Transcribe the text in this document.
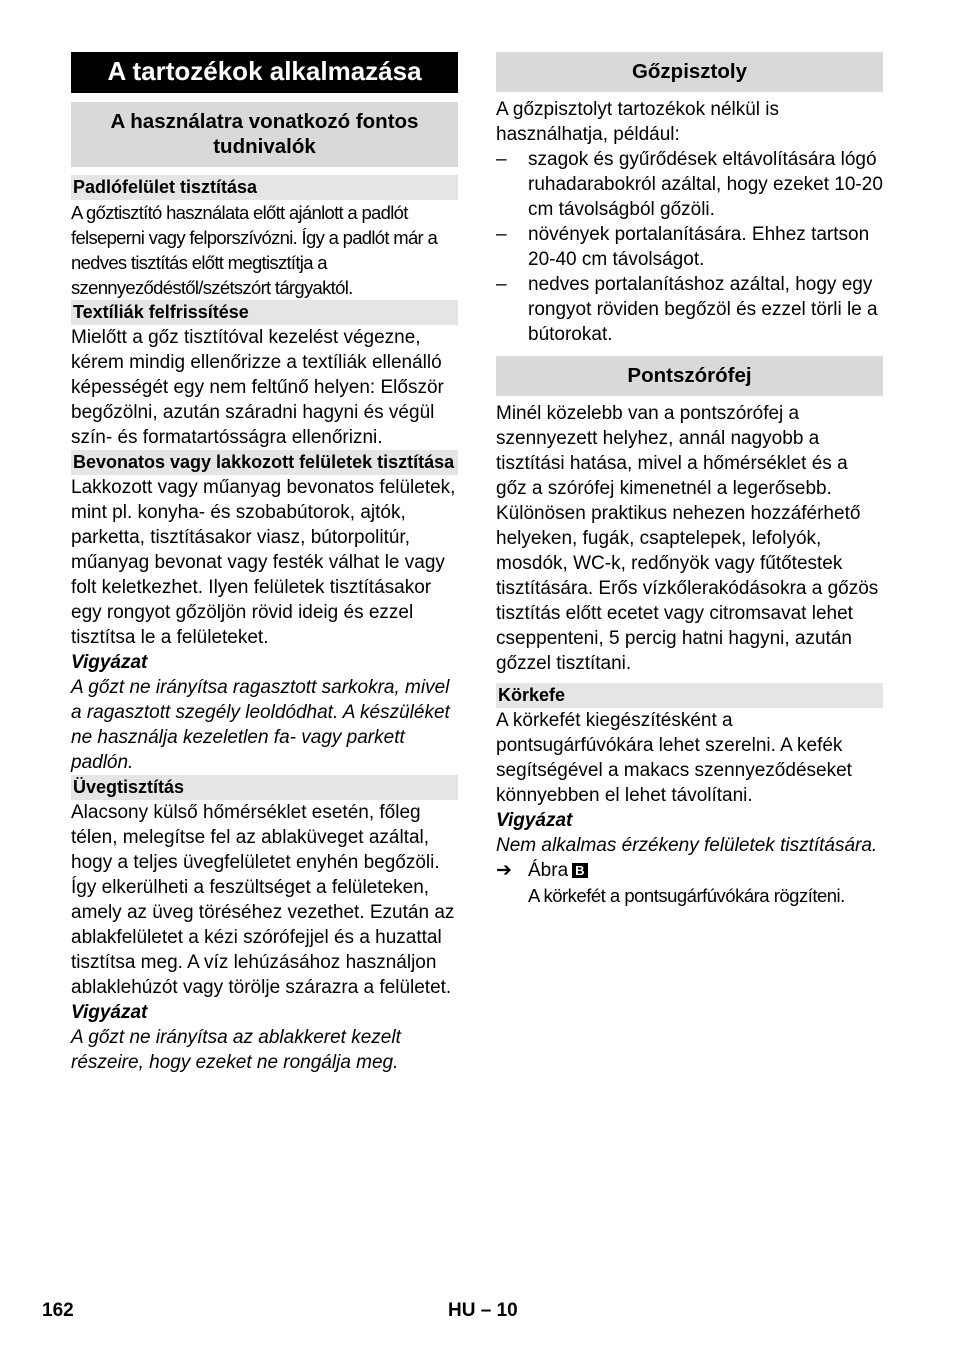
A tartozékok alkalmazása
A használatra vonatkozó fontos tudnivalók
Padlófelület tisztítása

A gőztisztító használata előtt ajánlott a padlót felseperni vagy felporszívózni. Így a padlót már a nedves tisztítás előtt megtisztítja a szennyeződéstől/szétszórt tárgyaktól.

Textíliák felfrissítése

Mielőtt a gőz tisztítóval kezelést végezne, kérem mindig ellenőrizze a textíliák ellenálló képességét egy nem feltűnő helyen: Először begőzölni, azután száradni hagyni és végül szín- és formatartósságra ellenőrizni.

Bevonatos vagy lakkozott felületek tisztítása

Lakkozott vagy műanyag bevonatos felületek, mint pl. konyha- és szobabútorok, ajtók, parketta, tisztításakor viasz, bútorpolitúr, műanyag bevonat vagy festék válhat le vagy folt keletkezhet. Ilyen felületek tisztításakor egy rongyot gőzöljön rövid ideig és ezzel tisztítsa le a felületeket.

Vigyázat
A gőzt ne irányítsa ragasztott sarkokra, mivel a ragasztott szegély leoldódhat. A készüléket ne használja kezeletlen fa- vagy parkett padlón.
Üvegtisztítás

Alacsony külső hőmérséklet esetén, főleg télen, melegítse fel az ablaküveget azáltal, hogy a teljes üvegfelületet enyhén begőzöli. Így elkerülheti a feszültséget a felületeken, amely az üveg töréséhez vezethet. Ezután az ablakfelületet a kézi szórófejjel és a huzattal tisztítsa meg. A víz lehúzásához használjon ablaklehúzót vagy törölje szárazra a felületet.

Vigyázat
A gőzt ne irányítsa az ablakkeret kezelt részeire, hogy ezeket ne rongálja meg.
Gőzpisztoly

A gőzpisztolyt tartozékok nélkül is használhatja, például:

– szagok és gyűrődések eltávolítására lógó ruhadarabokról azáltal, hogy ezeket 10-20 cm távolságból gőzöli.
– növények portalanítására. Ehhez tartson 20-40 cm távolságot.
– nedves portalanításhoz azáltal, hogy egy rongyot röviden begőzöl és ezzel törli le a bútorokat.
Pontszórófej

Minél közelebb van a pontszórófej a szennyezett helyhez, annál nagyobb a tisztítási hatása, mivel a hőmérséklet és a gőz a szórófej kimenetnél a legerősebb. Különösen praktikus nehezen hozzáférhető helyeken, fugák, csaptelepek, lefolyók, mosdók, WC-k, redőnyök vagy fűtőtestek tisztítására. Erős vízkőlerakódásokra a gőzös tisztítás előtt ecetet vagy citromsavat lehet cseppenteni, 5 percig hatni hagyni, azután gőzzel tisztítani.

Körkefe

A körkefét kiegészítésként a pontsugárfúvókára lehet szerelni. A kefék segítségével a makacs szennyeződéseket könnyebben el lehet távolítani.

Vigyázat
Nem alkalmas érzékeny felületek tisztítására.
➔ Ábra B
A körkefét a pontsugárfúvókára rögzíteni.
162	HU – 10
